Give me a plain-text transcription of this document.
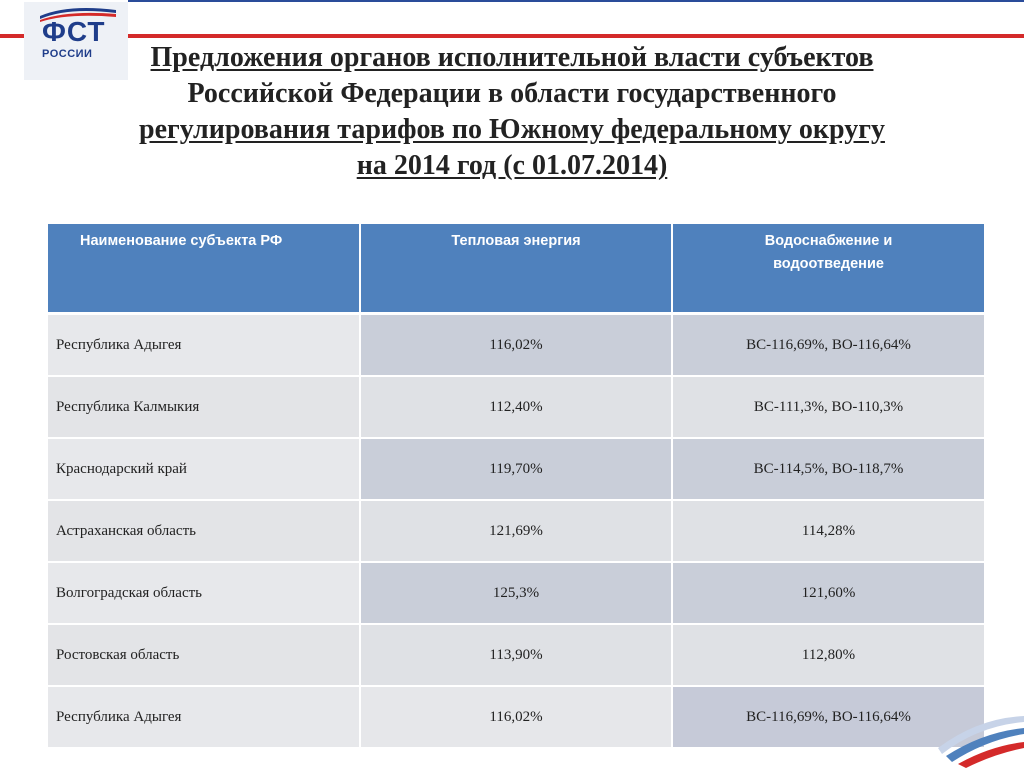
ФСТ
РОССИИ	Предложения органов исполнительной власти субъектов
Российской Федерации в области государственного
регулирования тарифов по Южному федеральному округу
на 2014 год (с 01.07.2014)
Наименование субъекта РФ	Тепловая энергия	Водоснабжение и
водоотведение
Республика Адыгея	116,02%	ВС-116,69%, ВО-116,64%
Республика Калмыкия	112,40%	ВС-111,3%, ВО-110,3%
Краснодарский край	119,70%	ВС-114,5%, ВО-118,7%
Астраханская область	121,69%	114,28%
Волгоградская область	125,3%	121,60%
Ростовская область	113,90%	112,80%
Республика Адыгея	116,02%	ВС-116,69%, ВО-116,64%
